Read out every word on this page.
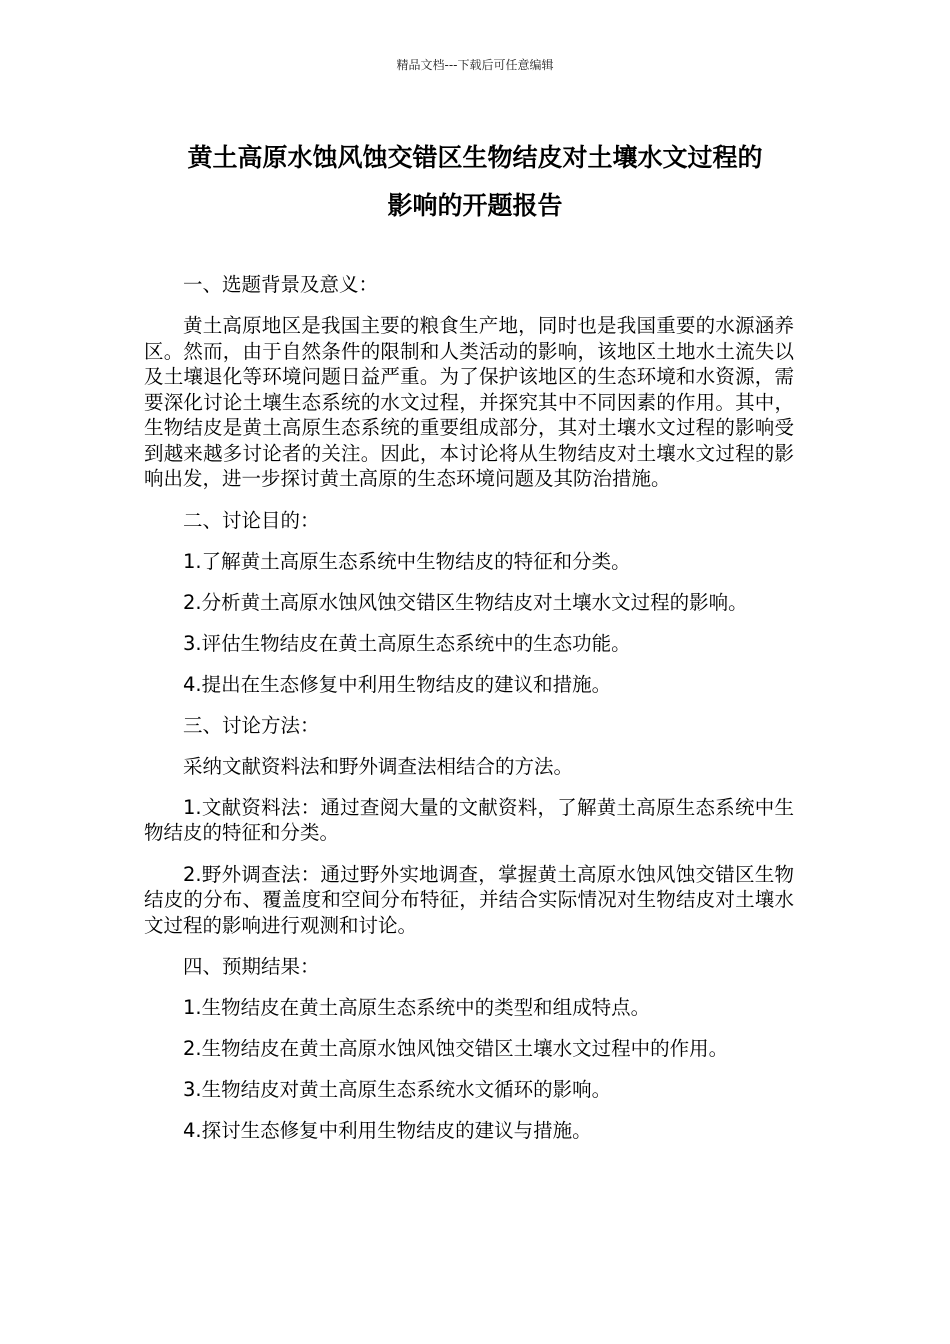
精品文档---下载后可任意编辑
黄土高原水蚀风蚀交错区生物结皮对土壤水文过程的
影响的开题报告

一、选题背景及意义：

黄土高原地区是我国主要的粮食生产地，同时也是我国重要的水源涵养区。然而，由于自然条件的限制和人类活动的影响，该地区土地水土流失以及土壤退化等环境问题日益严重。为了保护该地区的生态环境和水资源，需要深化讨论土壤生态系统的水文过程，并探究其中不同因素的作用。其中，生物结皮是黄土高原生态系统的重要组成部分，其对土壤水文过程的影响受到越来越多讨论者的关注。因此，本讨论将从生物结皮对土壤水文过程的影响出发，进一步探讨黄土高原的生态环境问题及其防治措施。

二、讨论目的：

1.了解黄土高原生态系统中生物结皮的特征和分类。

2.分析黄土高原水蚀风蚀交错区生物结皮对土壤水文过程的影响。

3.评估生物结皮在黄土高原生态系统中的生态功能。

4.提出在生态修复中利用生物结皮的建议和措施。

三、讨论方法：

采纳文献资料法和野外调查法相结合的方法。

1.文献资料法：通过查阅大量的文献资料，了解黄土高原生态系统中生物结皮的特征和分类。

2.野外调查法：通过野外实地调查，掌握黄土高原水蚀风蚀交错区生物结皮的分布、覆盖度和空间分布特征，并结合实际情况对生物结皮对土壤水文过程的影响进行观测和讨论。

四、预期结果：

1.生物结皮在黄土高原生态系统中的类型和组成特点。

2.生物结皮在黄土高原水蚀风蚀交错区土壤水文过程中的作用。

3.生物结皮对黄土高原生态系统水文循环的影响。

4.探讨生态修复中利用生物结皮的建议与措施。
